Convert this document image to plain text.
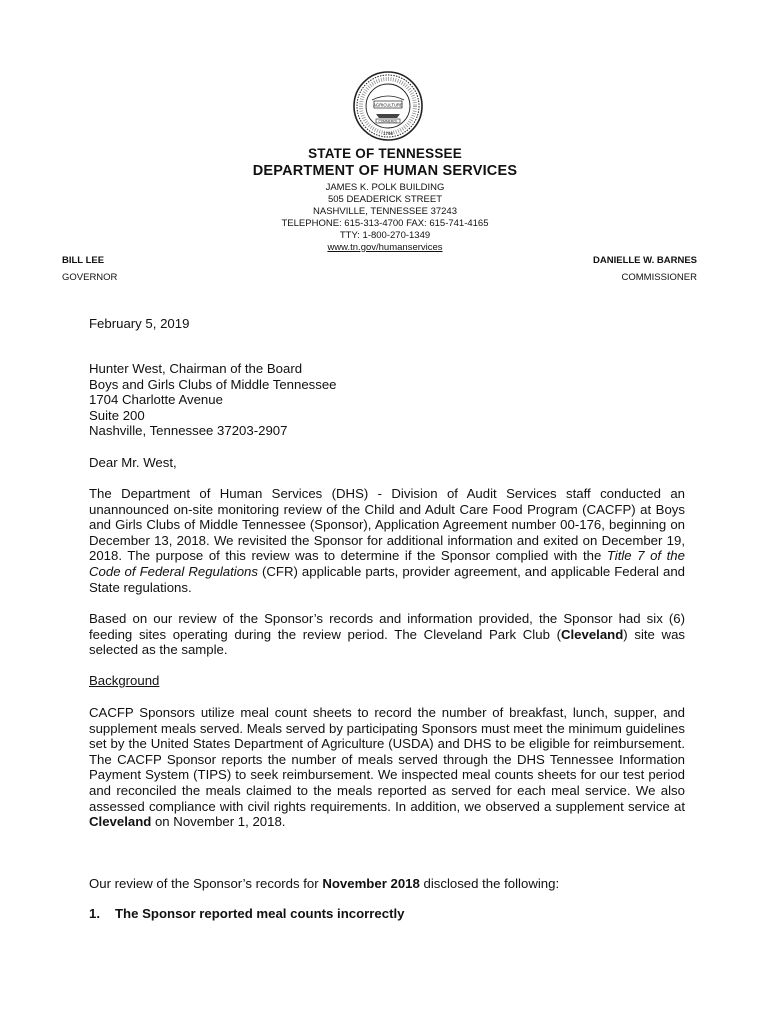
AGRICULTURE
COMMERCE
1796
STATE OF TENNESSEE
DEPARTMENT OF HUMAN SERVICES
JAMES K. POLK BUILDING
505 DEADERICK STREET
NASHVILLE, TENNESSEE 37243
TELEPHONE: 615-313-4700 FAX: 615-741-4165
TTY: 1-800-270-1349
www.tn.gov/humanservices
BILL LEE
GOVERNOR
DANIELLE W. BARNES
COMMISSIONER
February 5, 2019
Hunter West, Chairman of the Board
Boys and Girls Clubs of Middle Tennessee
1704 Charlotte Avenue
Suite 200
Nashville, Tennessee 37203-2907
Dear Mr. West,
The Department of Human Services (DHS) - Division of Audit Services staff conducted an unannounced on-site monitoring review of the Child and Adult Care Food Program (CACFP) at Boys and Girls Clubs of Middle Tennessee (Sponsor), Application Agreement number 00-176, beginning on December 13, 2018. We revisited the Sponsor for additional information and exited on December 19, 2018. The purpose of this review was to determine if the Sponsor complied with the Title 7 of the Code of Federal Regulations (CFR) applicable parts, provider agreement, and applicable Federal and State regulations.
Based on our review of the Sponsor’s records and information provided, the Sponsor had six (6) feeding sites operating during the review period. The Cleveland Park Club (Cleveland) site was selected as the sample.
Background
CACFP Sponsors utilize meal count sheets to record the number of breakfast, lunch, supper, and supplement meals served. Meals served by participating Sponsors must meet the minimum guidelines set by the United States Department of Agriculture (USDA) and DHS to be eligible for reimbursement. The CACFP Sponsor reports the number of meals served through the DHS Tennessee Information Payment System (TIPS) to seek reimbursement. We inspected meal counts sheets for our test period and reconciled the meals claimed to the meals reported as served for each meal service. We also assessed compliance with civil rights requirements. In addition, we observed a supplement service at Cleveland on November 1, 2018.
Our review of the Sponsor’s records for November 2018 disclosed the following:
1. The Sponsor reported meal counts incorrectly
